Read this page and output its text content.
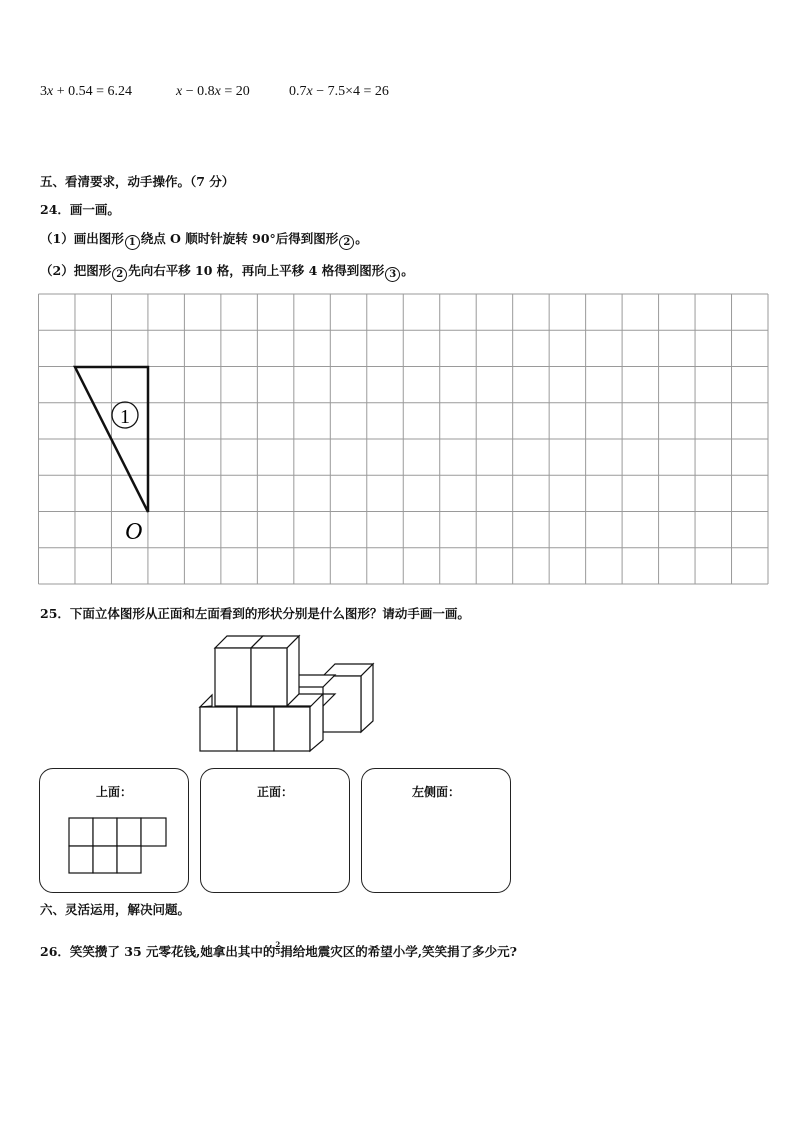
3x + 0.54 = 6.24	x − 0.8x = 20	0.7x − 7.5×4 = 26
五、看清要求，动手操作。（7 分）
24．画一画。
（1）画出图形 1 绕点 O 顺时针旋转 90°后得到图形 2 。
（2）把图形 2 先向右平移 10 格，再向上平移 4 格得到图形 3 。
1
O
25．下面立体图形从正面和左面看到的形状分别是什么图形？请动手画一画。
上面：	正面：	左侧面：
六、灵活运用，解决问题。
26．笑笑攒了 35 元零花钱,她拿出其中的 $\frac{2}{5}$ 捐给地震灾区的希望小学,笑笑捐了多少元?
